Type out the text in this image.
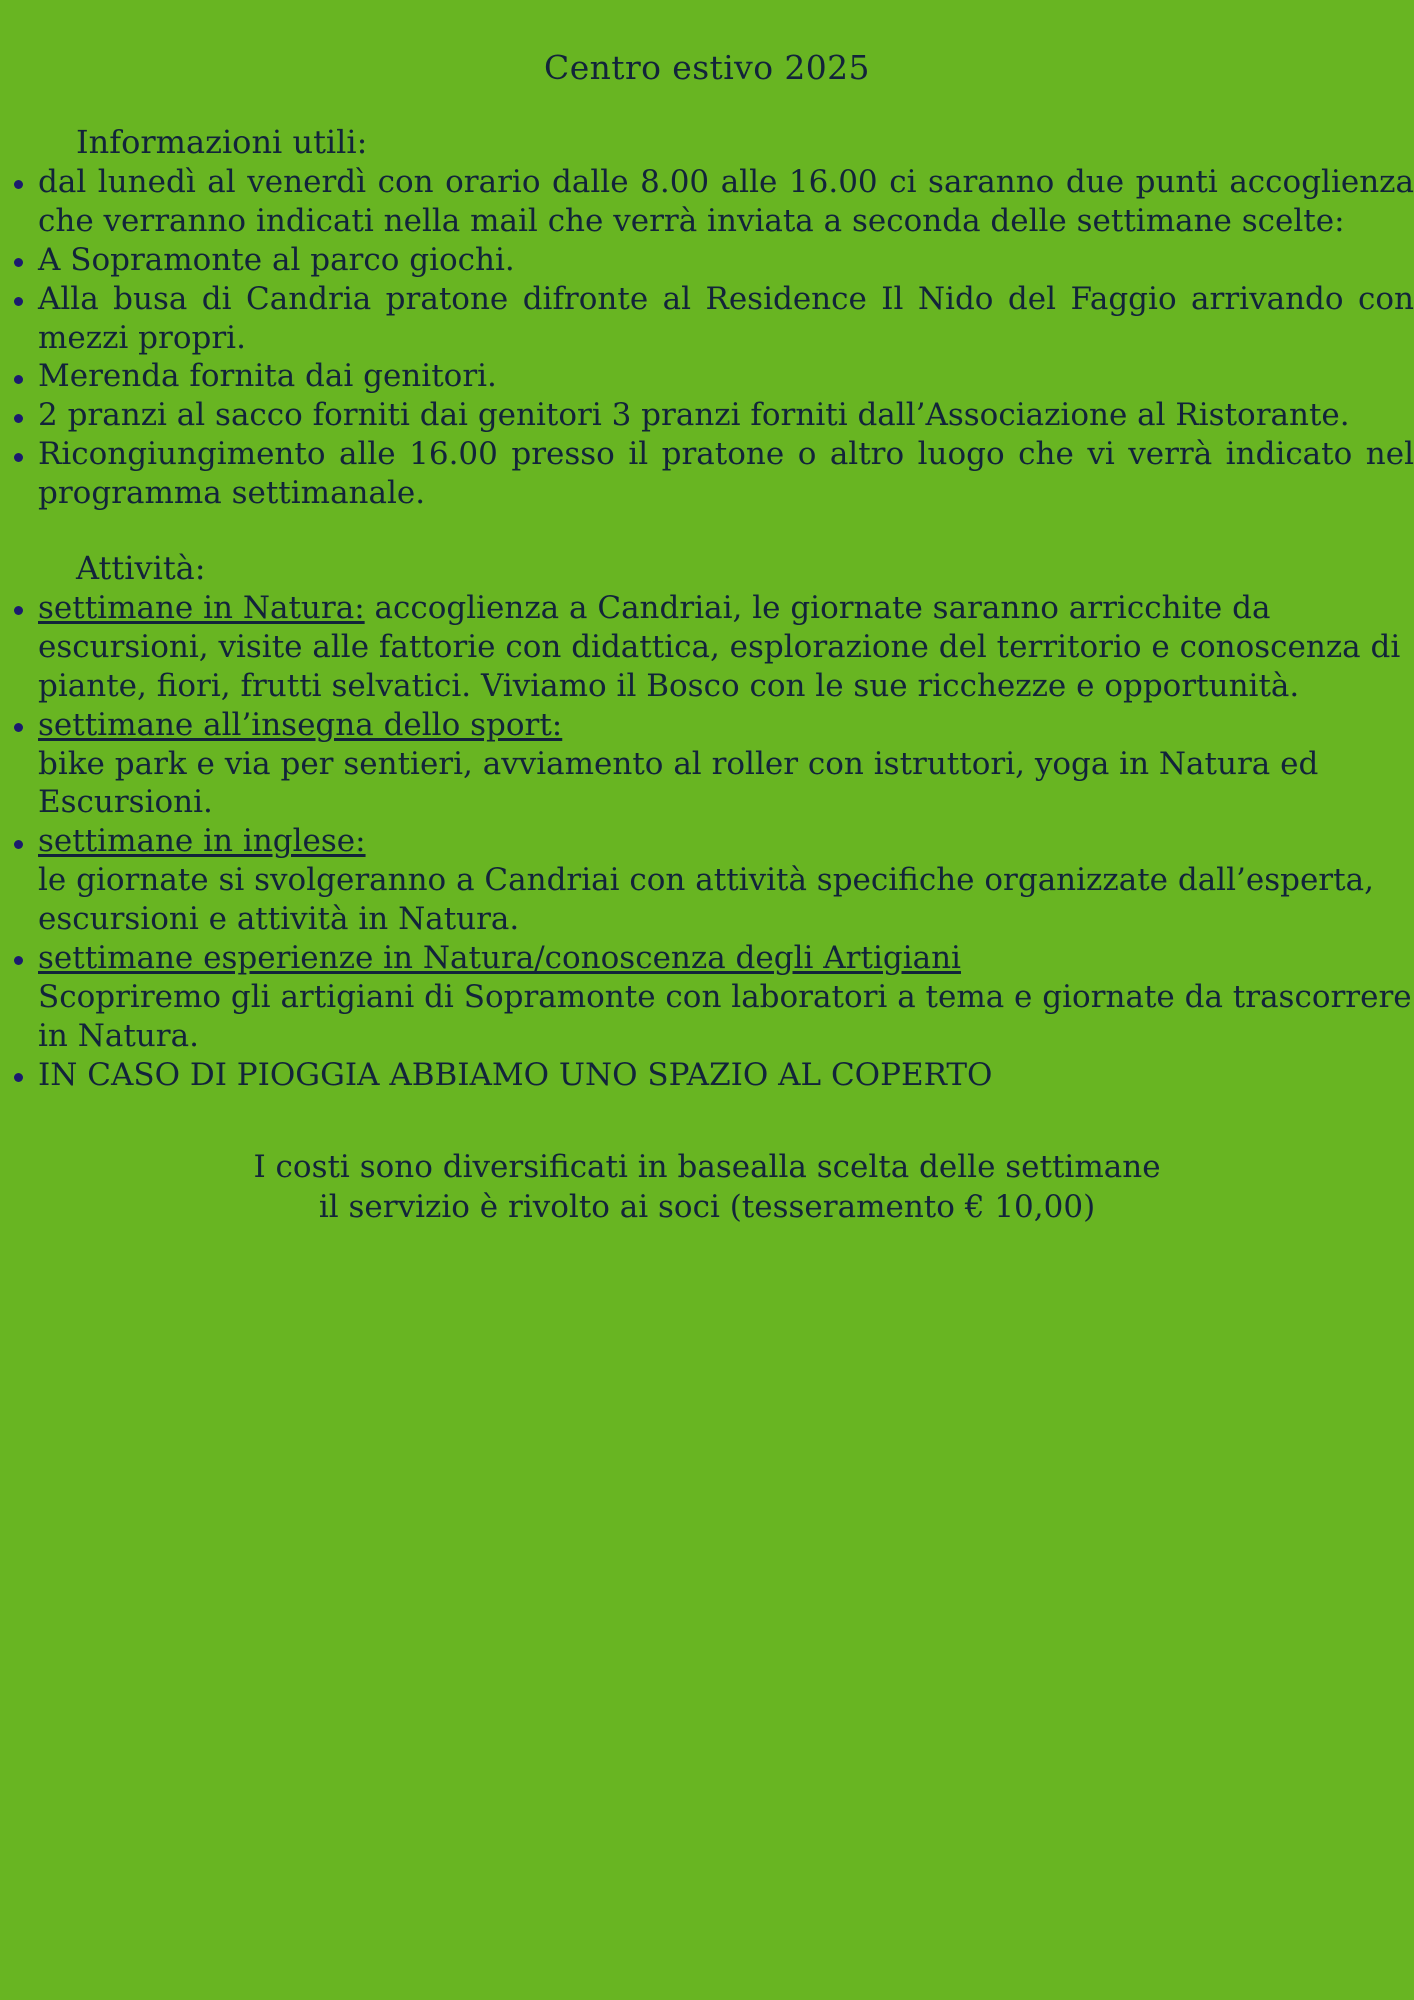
Centro estivo 2025
Informazioni utili:
dal lunedì al venerdì con orario dalle 8.00 alle 16.00 ci saranno due punti accoglienza che verranno indicati nella mail che verrà inviata a seconda delle settimane scelte:
A Sopramonte al parco giochi.
Alla busa di Candria pratone difronte al Residence Il Nido del Faggio arrivando con mezzi propri.
Merenda fornita dai genitori.
2 pranzi al sacco forniti dai genitori 3 pranzi forniti dall’Associazione al Ristorante.
Ricongiungimento alle 16.00 presso il pratone o altro luogo che vi verrà indicato nel programma settimanale.
Attività:
settimane in Natura: accoglienza a Candriai, le giornate saranno arricchite da escursioni, visite alle fattorie con didattica, esplorazione del territorio e conoscenza di piante, fiori, frutti selvatici. Viviamo il Bosco con le sue ricchezze e opportunità.
settimane all’insegna dello sport:
bike park e via per sentieri, avviamento al roller con istruttori, yoga in Natura ed Escursioni.
settimane in inglese:
le giornate si svolgeranno a Candriai con attività specifiche organizzate dall’esperta, escursioni e attività in Natura.
settimane esperienze in Natura/conoscenza degli Artigiani
Scopriremo gli artigiani di Sopramonte con laboratori a tema e giornate da trascorrere in Natura.
IN CASO DI PIOGGIA ABBIAMO UNO SPAZIO AL COPERTO
I costi sono diversificati in basealla scelta delle settimane
il servizio è rivolto ai soci (tesseramento € 10,00)
